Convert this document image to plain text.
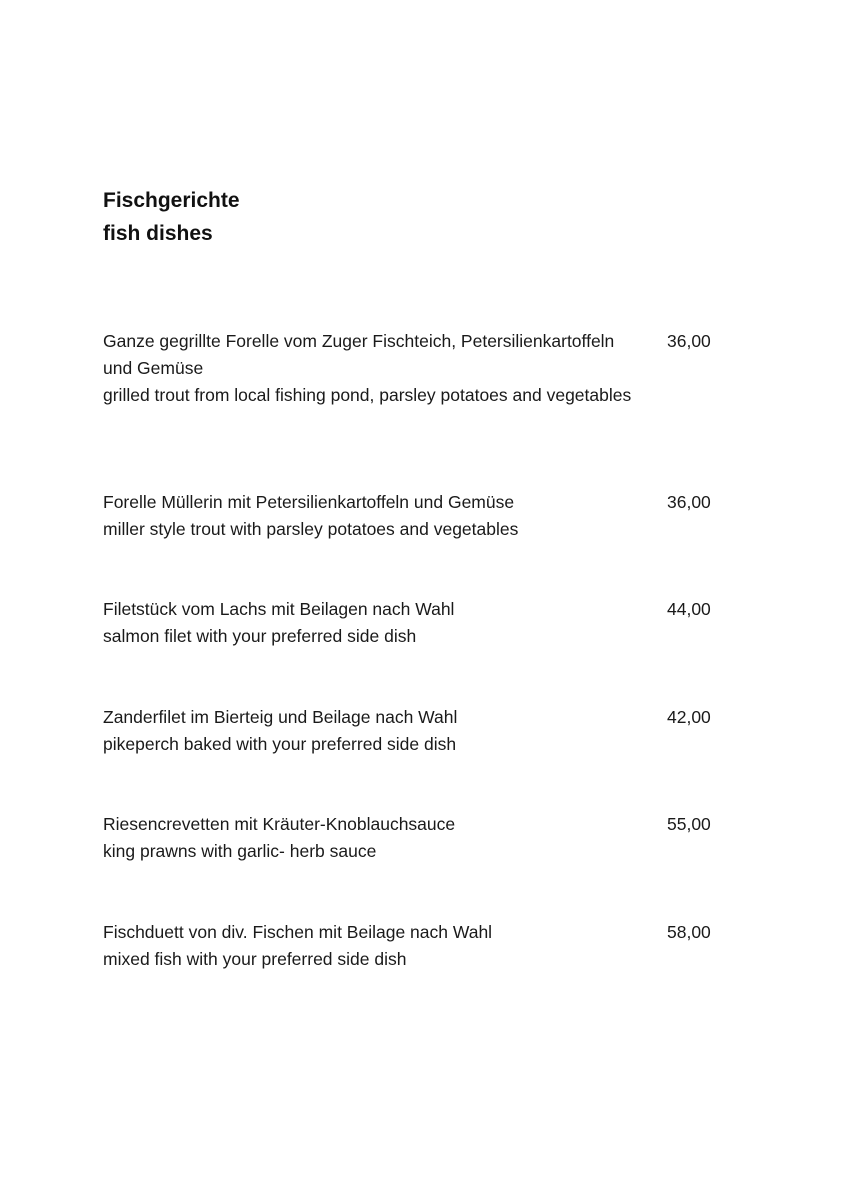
Fischgerichte
fish dishes
Ganze gegrillte Forelle vom Zuger Fischteich, Petersilienkartoffeln und Gemüse
grilled trout from local fishing pond, parsley potatoes and vegetables
36,00
Forelle Müllerin mit Petersilienkartoffeln und Gemüse
miller style trout with parsley potatoes and vegetables
36,00
Filetstück vom Lachs mit Beilagen nach Wahl
salmon filet with your preferred side dish
44,00
Zanderfilet im Bierteig und Beilage nach Wahl
pikeperch baked with your preferred side dish
42,00
Riesencrevetten mit Kräuter-Knoblauchsauce
king prawns with garlic- herb sauce
55,00
Fischduett von div. Fischen mit Beilage nach Wahl
mixed fish with your preferred side dish
58,00
